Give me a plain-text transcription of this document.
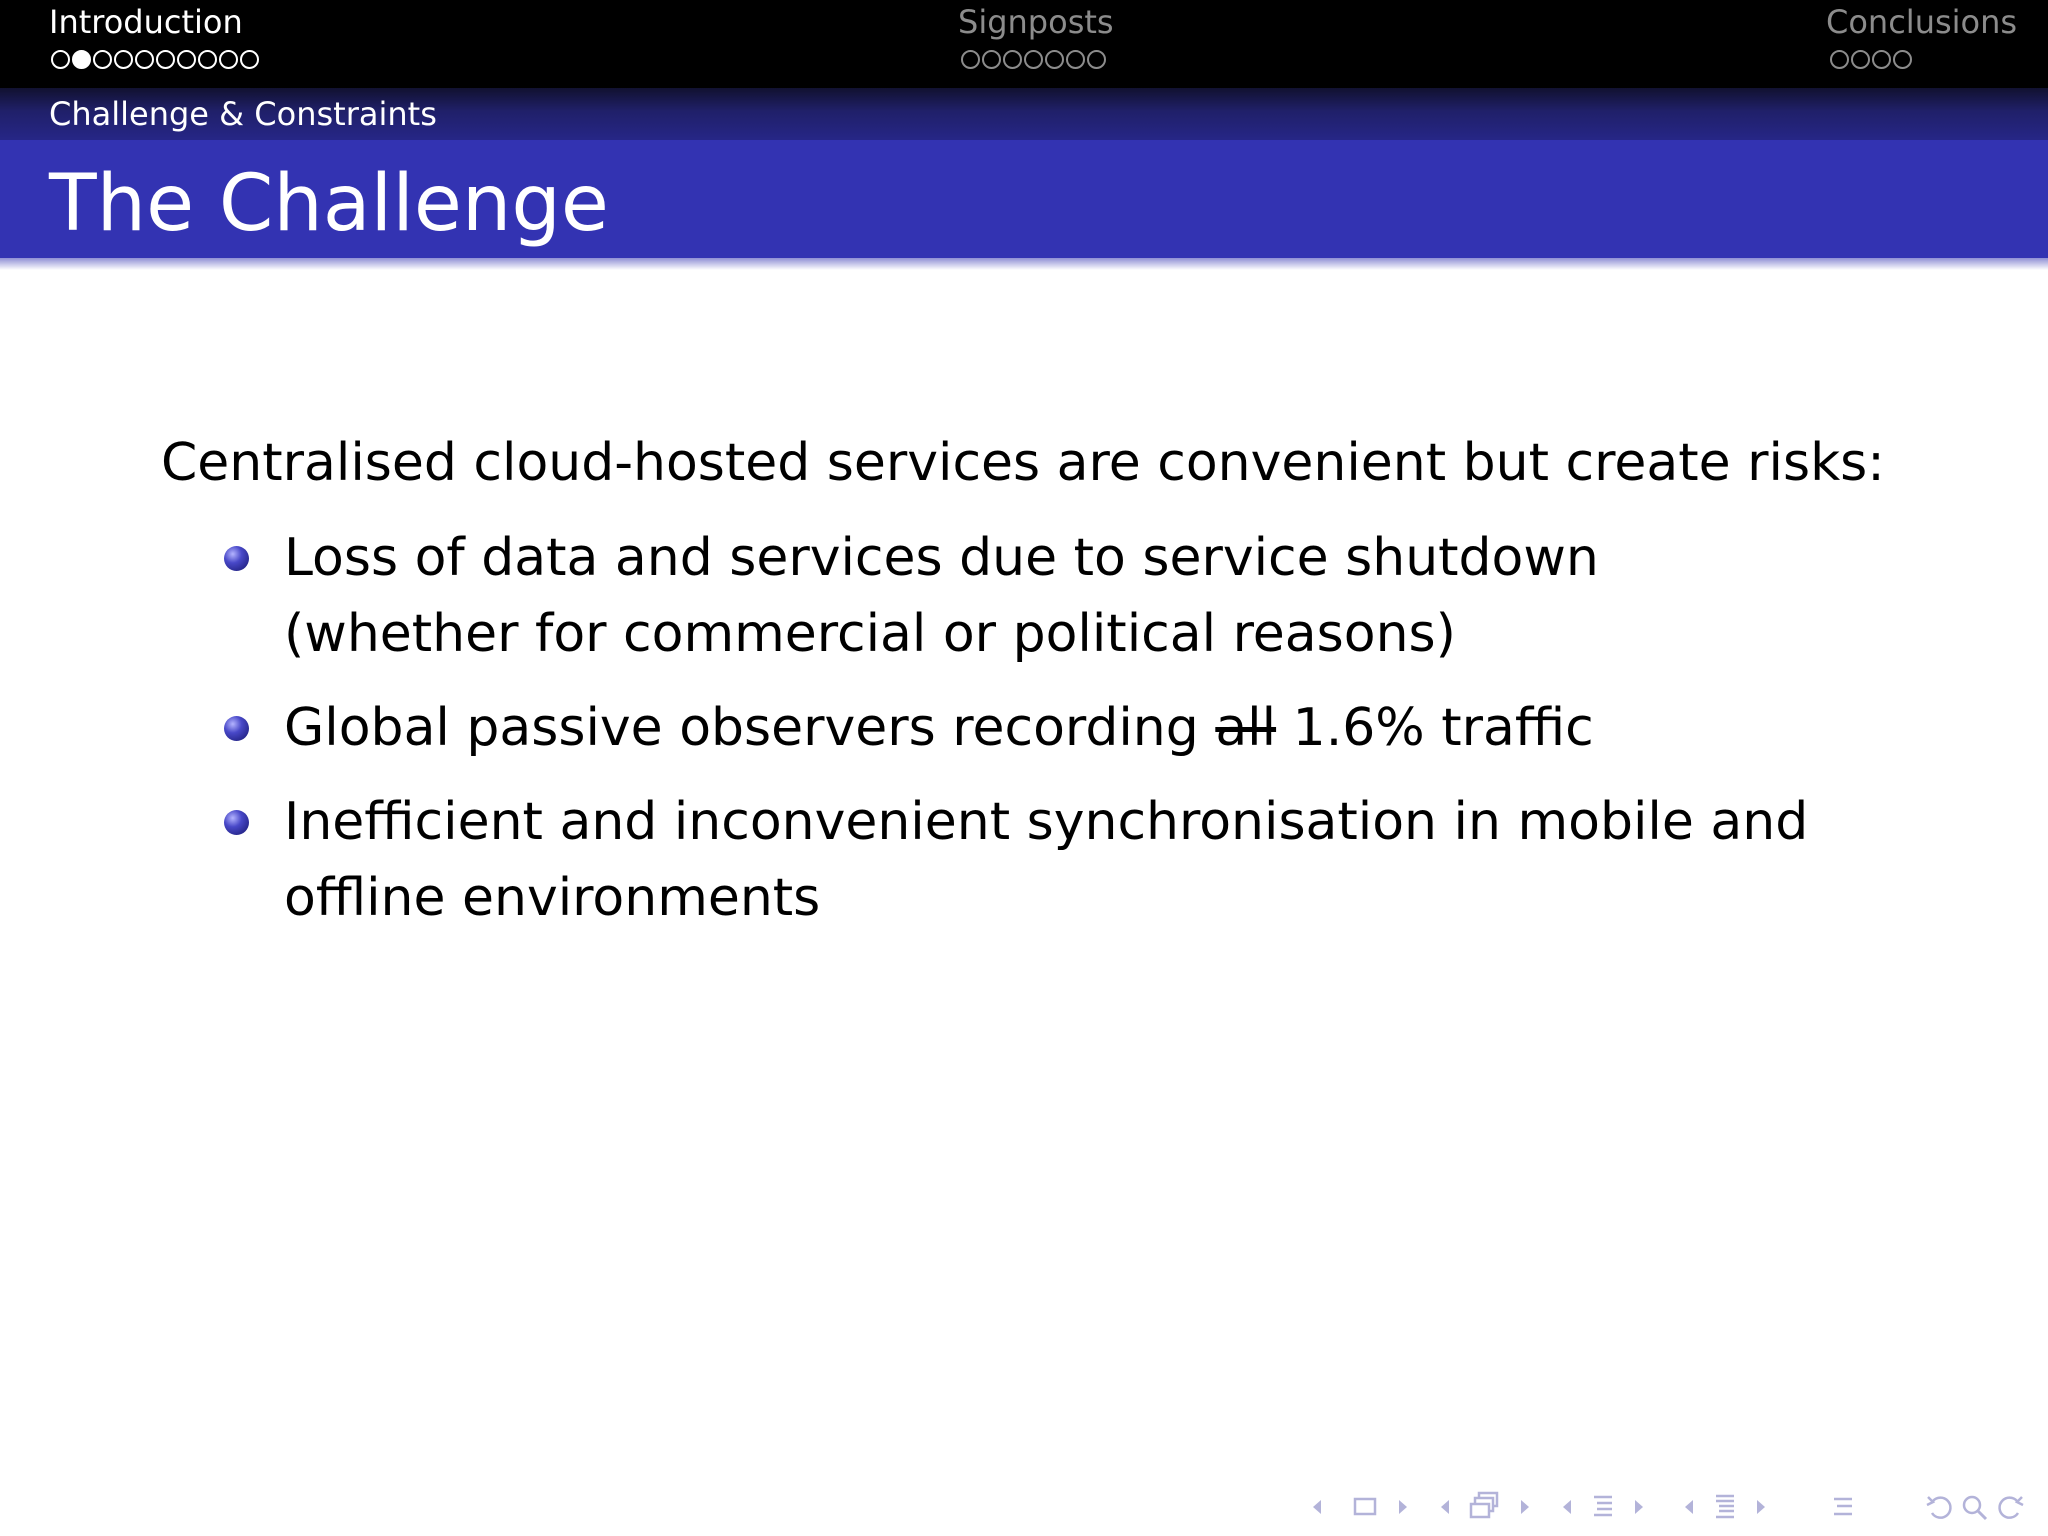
Introduction	Signposts	Conclusions
Challenge & Constraints
The Challenge
Centralised cloud-hosted services are convenient but create risks:
Loss of data and services due to service shutdown
(whether for commercial or political reasons)
Global passive observers recording all 1.6% traffic
Inefficient and inconvenient synchronisation in mobile and
offline environments
